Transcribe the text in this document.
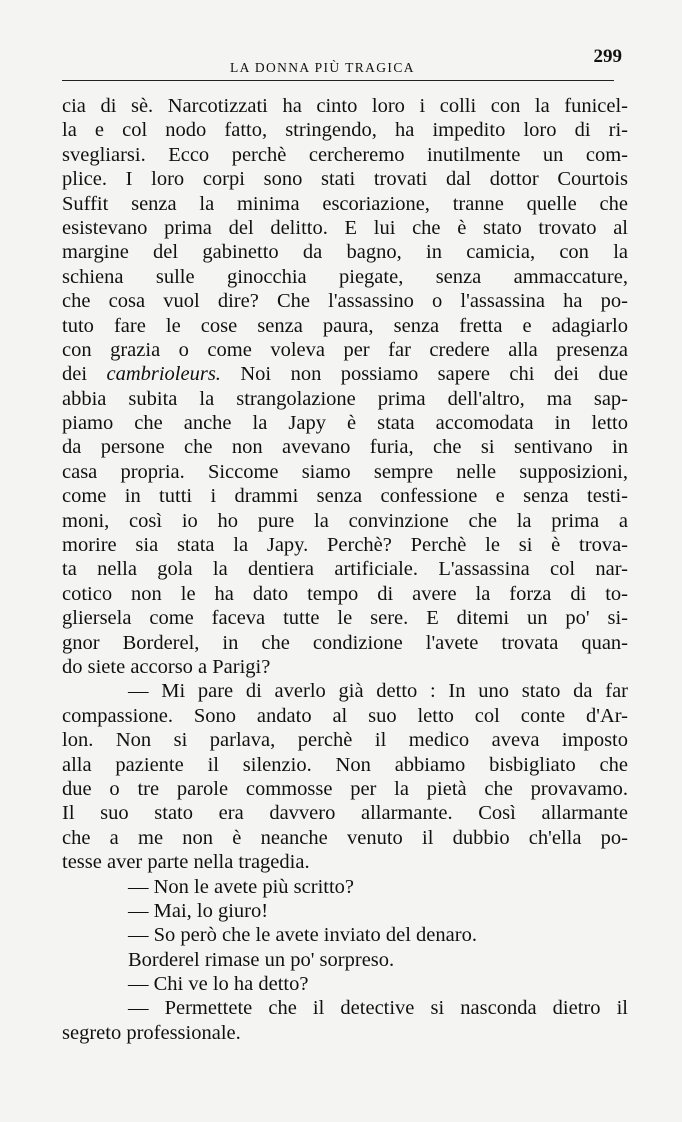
LA DONNA PIÙ TRAGICA
299
cia di sè. Narcotizzati ha cinto loro i colli con la funicel-
la e col nodo fatto, stringendo, ha impedito loro di ri-
svegliarsi. Ecco perchè cercheremo inutilmente un com-
plice. I loro corpi sono stati trovati dal dottor Courtois
Suffit senza la minima escoriazione, tranne quelle che
esistevano prima del delitto. E lui che è stato trovato al
margine del gabinetto da bagno, in camicia, con la
schiena sulle ginocchia piegate, senza ammaccature,
che cosa vuol dire? Che l'assassino o l'assassina ha po-
tuto fare le cose senza paura, senza fretta e adagiarlo
con grazia o come voleva per far credere alla presenza
dei cambrioleurs. Noi non possiamo sapere chi dei due
abbia subita la strangolazione prima dell'altro, ma sap-
piamo che anche la Japy è stata accomodata in letto
da persone che non avevano furia, che si sentivano in
casa propria. Siccome siamo sempre nelle supposizioni,
come in tutti i drammi senza confessione e senza testi-
moni, così io ho pure la convinzione che la prima a
morire sia stata la Japy. Perchè? Perchè le si è trova-
ta nella gola la dentiera artificiale. L'assassina col nar-
cotico non le ha dato tempo di avere la forza di to-
gliersela come faceva tutte le sere. E ditemi un po' si-
gnor Borderel, in che condizione l'avete trovata quan-
do siete accorso a Parigi?
— Mi pare di averlo già detto : In uno stato da far
compassione. Sono andato al suo letto col conte d'Ar-
lon. Non si parlava, perchè il medico aveva imposto
alla paziente il silenzio. Non abbiamo bisbigliato che
due o tre parole commosse per la pietà che provavamo.
Il suo stato era davvero allarmante. Così allarmante
che a me non è neanche venuto il dubbio ch'ella po-
tesse aver parte nella tragedia.
— Non le avete più scritto?
— Mai, lo giuro!
— So però che le avete inviato del denaro.
Borderel rimase un po' sorpreso.
— Chi ve lo ha detto?
— Permettete che il detective si nasconda dietro il
segreto professionale.
